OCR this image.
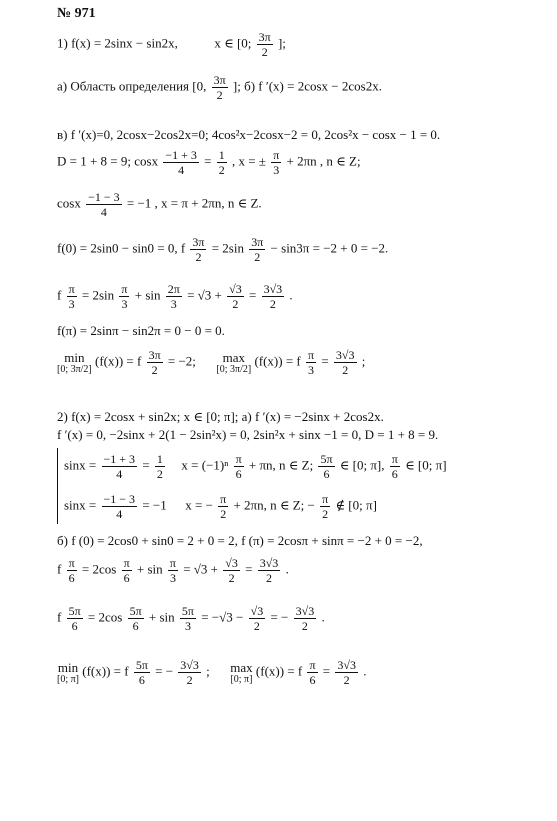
№ 971
1) f(x) = 2sinx − sin2x,	x ∈ [0; $\frac{3\pi}{2}$ ];
а) Область определения [0, $\frac{3\pi}{2}$ ]; б) f ′(x) = 2cosx − 2cos2x.
в) f ′(x)=0, 2cosx−2cos2x=0; 4cos²x−2cosx−2 = 0, 2cos²x − cosx − 1 = 0.
D = 1 + 8 = 9; cosx $\frac{-1 + 3}{4} = \frac{1}{2}$ , x = ± $\frac{\pi}{3} + 2\pi n$ , n ∈ Z;
cosx $\frac{-1 - 3}{4} = -1$ , x = π + 2πn, n ∈ Z.
f(0) = 2sin0 − sin0 = 0, f $\frac{3\pi}{2} = 2\sin \frac{3\pi}{2} - \sin 3\pi = -2 + 0 = -2$.
f $\frac{\pi}{3} = 2\sin \frac{\pi}{3} + \sin \frac{2\pi}{3} = √3 + \frac{√3}{2} = \frac{3√3}{2}$ .
f(π) = 2sinπ − sin2π = 0 − 0 = 0.
min
[0; 3π/2]
(f(x)) = f $\frac{3\pi}{2} = -2$; max
[0; 3π/2]
(f(x)) = f $\frac{\pi}{3} = \frac{3√3}{2}$ ;
2) f(x) = 2cosx + sin2x; x ∈ [0; π]; а) f ′(x) = −2sinx + 2cos2x.
f ′(x) = 0, −2sinx + 2(1 − 2sin²x) = 0, 2sin²x + sinx −1 = 0, D = 1 + 8 = 9.
$\sin x = \frac{-1 + 3}{4} = \frac{1}{2}$ $x = (-1)^n \frac{\pi}{6} + \pi n$, n ∈ Z; $\frac{5\pi}{6}$ ∈ [0; π], $\frac{\pi}{6}$ ∈ [0; π]
$\sin x = \frac{-1 - 3}{4} = -1$ x = − $\frac{\pi}{2} + 2\pi n$, n ∈ Z; − $\frac{\pi}{2}$ ∉ [0; π]
б) f (0) = 2cos0 + sin0 = 2 + 0 = 2, f (π) = 2cosπ + sinπ = −2 + 0 = −2,
f $\frac{\pi}{6} = 2\cos \frac{\pi}{6} + \sin \frac{\pi}{3} = √3 + \frac{√3}{2} = \frac{3√3}{2}$ .
f $\frac{5\pi}{6} = 2\cos \frac{5\pi}{6} + \sin \frac{5\pi}{3} = -√3 - \frac{√3}{2}$ = − $\frac{3√3}{2}$ .
min
[0; π]
(f(x)) = f $\frac{5\pi}{6}$ = − $\frac{3√3}{2}$ ; max
[0; π]
(f(x)) = f $\frac{\pi}{6} = \frac{3√3}{2}$ .
